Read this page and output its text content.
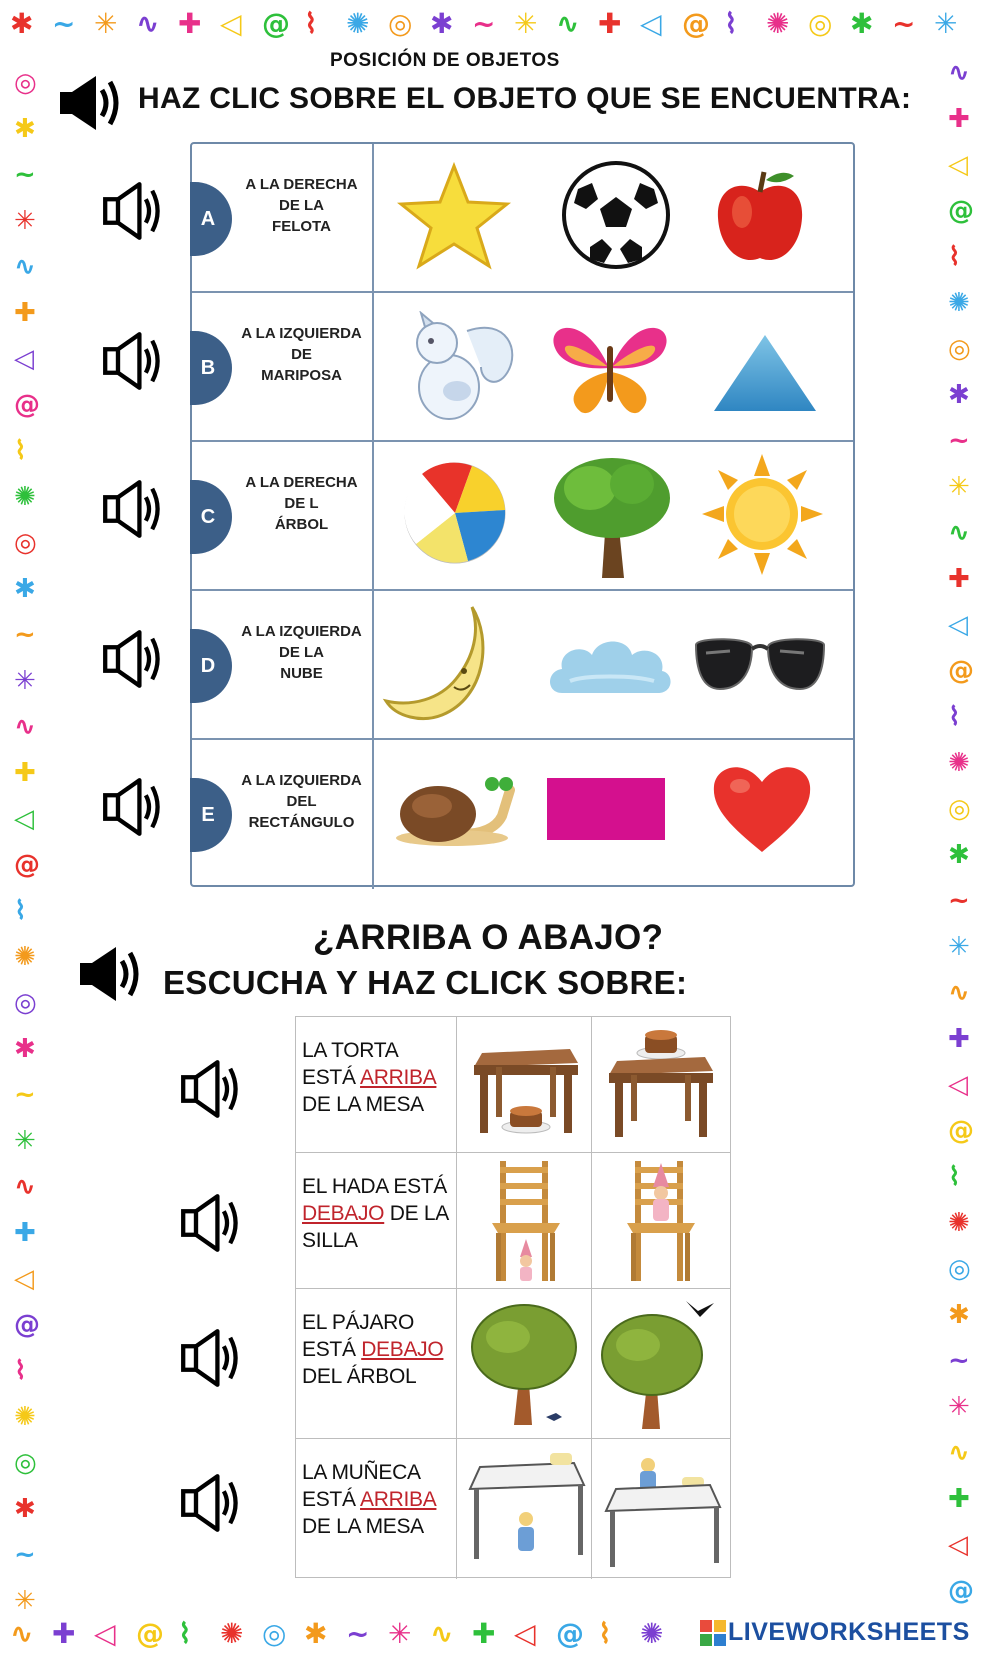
✱ ~ ✳ ∿ ✚ ◁ @ ⌇ ✺ ◎ ✱ ~ ✳ ∿ ✚ ◁ @ ⌇ ✺ ◎ ✱ ~ ✳
∿ ✚ ◁ @ ⌇ ✺ ◎ ✱ ~ ✳ ∿ ✚ ◁ @ ⌇ ✺
◎
✱
~
✳
∿
✚
◁
@
⌇
✺
◎
✱
~
✳
∿
✚
◁
@
⌇
✺
◎
✱
~
✳
∿
✚
◁
@
⌇
✺
◎
✱
~
✳
∿
✚
◁
@
⌇
✺
◎
✱
~
✳
∿
✚
◁
@
⌇
✺
◎
✱
~
✳
∿
✚
◁
@
⌇
✺
◎
✱
~
✳
∿
✚
◁
@
POSICIÓN DE OBJETOS
HAZ CLIC SOBRE EL OBJETO QUE SE ENCUENTRA:
A
A LA DERECHA
DE LA
FELOTA
B
A LA IZQUIERDA
DE
MARIPOSA
C
A LA DERECHA
DE L
ÁRBOL
D
A LA IZQUIERDA
DE LA
NUBE
E
A LA IZQUIERDA
DEL
RECTÁNGULO
¿ARRIBA O ABAJO?
ESCUCHA Y HAZ CLICK SOBRE:
LA TORTA
ESTÁ ARRIBA
DE LA MESA
EL HADA ESTÁ
DEBAJO DE LA
SILLA
EL PÁJARO
ESTÁ DEBAJO
DEL ÁRBOL
LA MUÑECA
ESTÁ ARRIBA
DE LA MESA
LIVEWORKSHEETS
